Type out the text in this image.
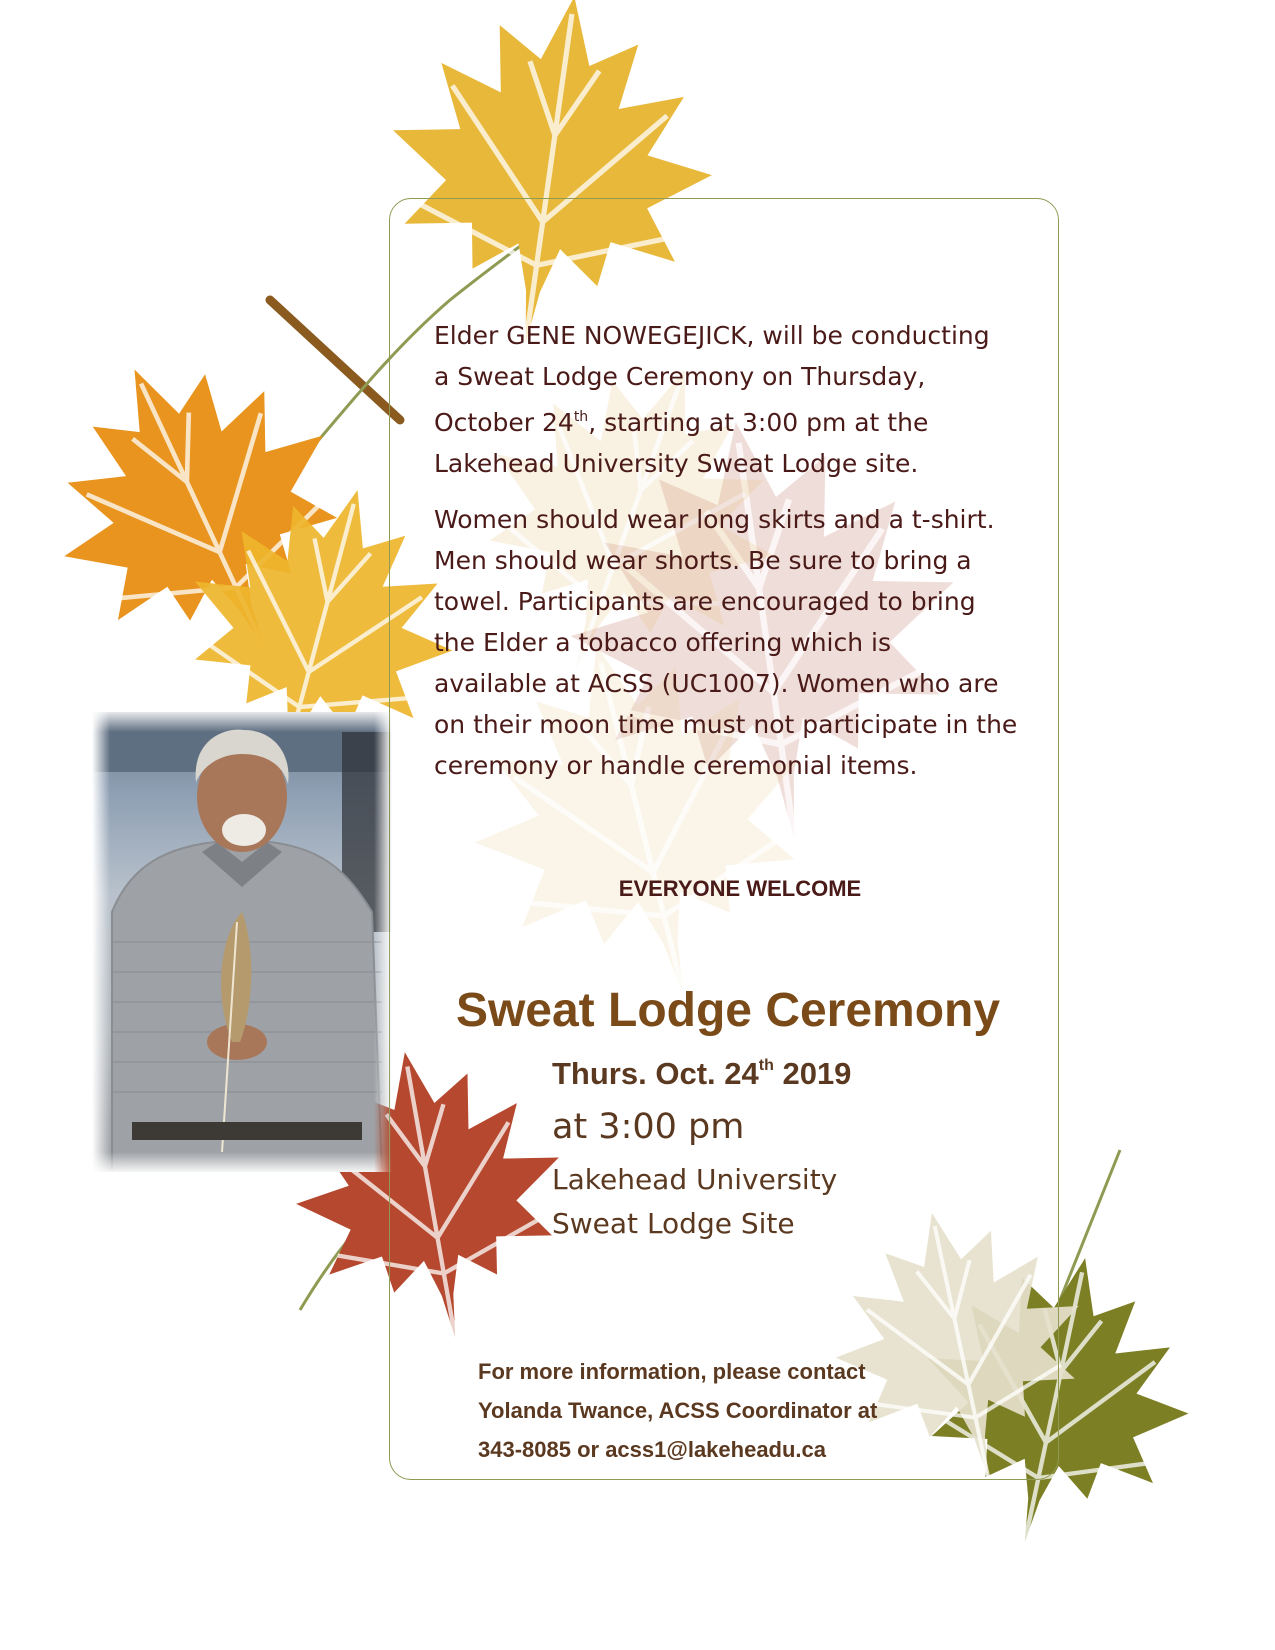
Elder GENE NOWEGEJICK, will be conducting
a Sweat Lodge Ceremony on Thursday,
October 24th, starting at 3:00 pm at the
Lakehead University Sweat Lodge site.
Women should wear long skirts and a t-shirt.
Men should wear shorts. Be sure to bring a
towel. Participants are encouraged to bring
the Elder a tobacco offering which is
available at ACSS (UC1007). Women who are
on their moon time must not participate in the
ceremony or handle ceremonial items.
EVERYONE WELCOME
Sweat Lodge Ceremony
Thurs. Oct. 24th 2019
at 3:00 pm
Lakehead University
Sweat Lodge Site
For more information, please contact
Yolanda Twance, ACSS Coordinator at
343-8085 or acss1@lakeheadu.ca
